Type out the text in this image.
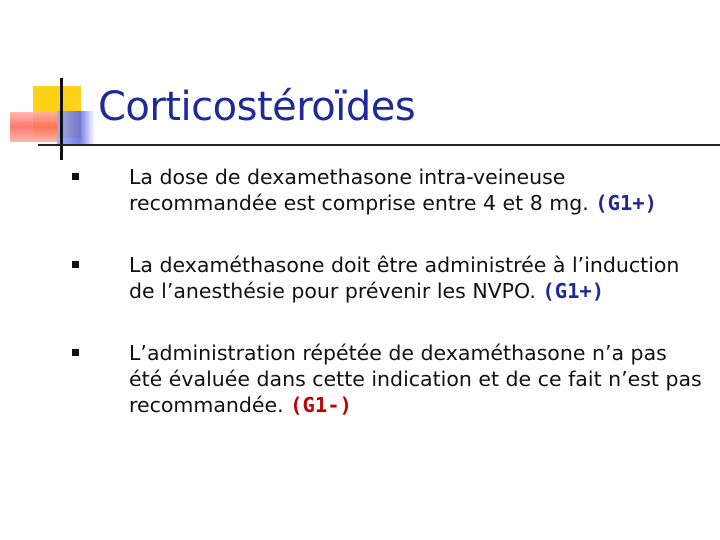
Corticostéroïdes
La dose de dexamethasone intra-veineuse recommandée est comprise entre 4 et 8 mg. (G1+)
La dexaméthasone doit être administrée à l’induction de l’anesthésie pour prévenir les NVPO. (G1+)
L’administration répétée de dexaméthasone n’a pas été évaluée dans cette indication et de ce fait n’est pas recommandée. (G1-)
